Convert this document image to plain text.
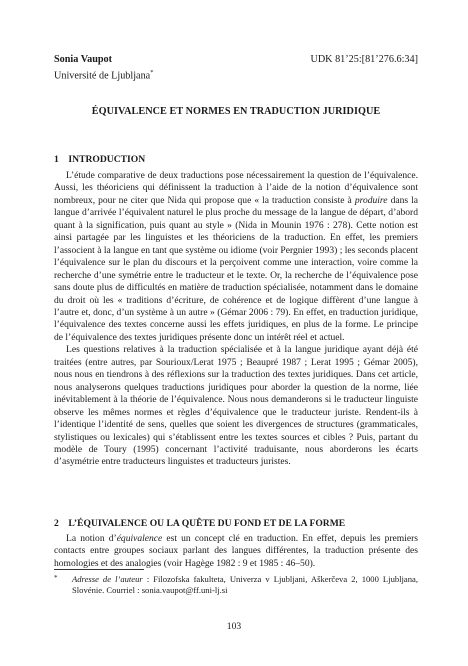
Sonia Vaupot
Université de Ljubljana*
UDK 81’25:[81’276.6:34]
ÉQUIVALENCE ET NORMES EN TRADUCTION JURIDIQUE
1 INTRODUCTION

L’étude comparative de deux traductions pose nécessairement la question de l’équivalence. Aussi, les théoriciens qui définissent la traduction à l’aide de la notion d’équivalence sont nombreux, pour ne citer que Nida qui propose que « la traduction consiste à produire dans la langue d’arrivée l’équivalent naturel le plus proche du message de la langue de départ, d’abord quant à la signification, puis quant au style » (Nida in Mounin 1976 : 278). Cette notion est ainsi partagée par les linguistes et les théoriciens de la traduction. En effet, les premiers l’associent à la langue en tant que système ou idiome (voir Pergnier 1993) ; les seconds placent l’équivalence sur le plan du discours et la perçoivent comme une interaction, voire comme la recherche d’une symétrie entre le traducteur et le texte. Or, la recherche de l’équivalence pose sans doute plus de difficultés en matière de traduction spécialisée, notamment dans le domaine du droit où les « traditions d’écriture, de cohérence et de logique diffèrent d’une langue à l’autre et, donc, d’un système à un autre » (Gémar 2006 : 79). En effet, en traduction juridique, l’équivalence des textes concerne aussi les effets juridiques, en plus de la forme. Le principe de l’équivalence des textes juridiques présente donc un intérêt réel et actuel.

Les questions relatives à la traduction spécialisée et à la langue juridique ayant déjà été traitées (entre autres, par Sourioux/Lerat 1975 ; Beaupré 1987 ; Lerat 1995 ; Gémar 2005), nous nous en tiendrons à des réflexions sur la traduction des textes juridiques. Dans cet article, nous analyserons quelques traductions juridiques pour aborder la question de la norme, liée inévitablement à la théorie de l’équivalence. Nous nous demanderons si le traducteur linguiste observe les mêmes normes et règles d’équivalence que le traducteur juriste. Rendent-ils à l’identique l’identité de sens, quelles que soient les divergences de structures (grammaticales, stylistiques ou lexicales) qui s’établissent entre les textes sources et cibles ? Puis, partant du modèle de Toury (1995) concernant l’activité traduisante, nous aborderons les écarts d’asymétrie entre traducteurs linguistes et traducteurs juristes.

2 L’ÉQUIVALENCE OU LA QUÊTE DU FOND ET DE LA FORME

La notion d’équivalence est un concept clé en traduction. En effet, depuis les premiers contacts entre groupes sociaux parlant des langues différentes, la traduction présente des homologies et des analogies (voir Hagège 1982 : 9 et 1985 : 46–50).

* Adresse de l’auteur : Filozofska fakulteta, Univerza v Ljubljani, Aškerčeva 2, 1000 Ljubljana, Slovénie. Courriel : sonia.vaupot@ff.uni-lj.si
103
